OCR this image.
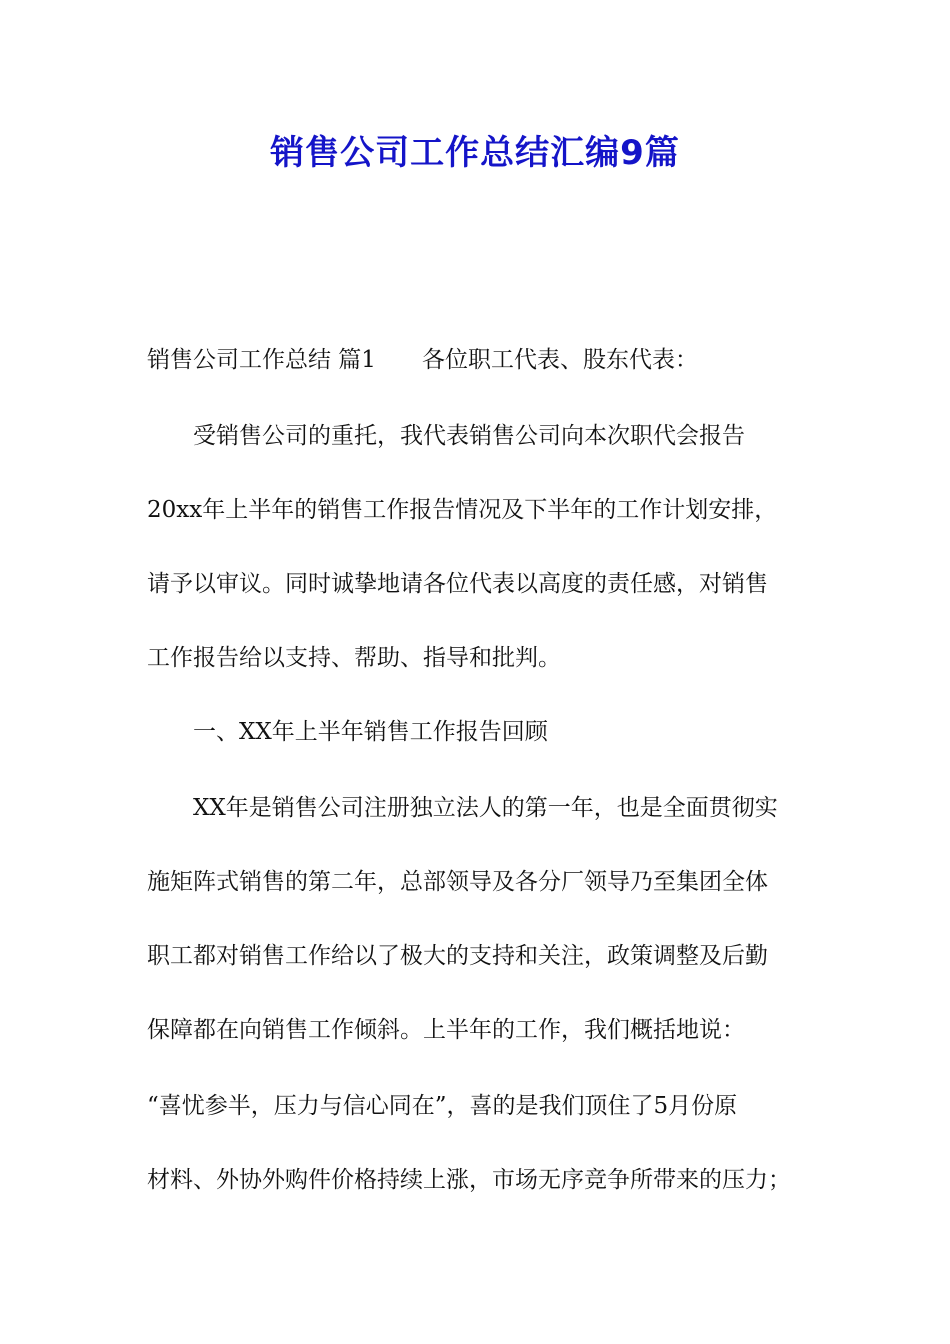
销售公司工作总结汇编9篇

销售公司工作总结 篇1 各位职工代表、股东代表：

受销售公司的重托，我代表销售公司向本次职代会报告

20xx年上半年的销售工作报告情况及下半年的工作计划安排，

请予以审议。同时诚挚地请各位代表以高度的责任感，对销售

工作报告给以支持、帮助、指导和批判。

一、XX年上半年销售工作报告回顾

XX年是销售公司注册独立法人的第一年，也是全面贯彻实

施矩阵式销售的第二年，总部领导及各分厂领导乃至集团全体

职工都对销售工作给以了极大的支持和关注，政策调整及后勤

保障都在向销售工作倾斜。上半年的工作，我们概括地说：

“喜忧参半，压力与信心同在”，喜的是我们顶住了5月份原

材料、外协外购件价格持续上涨，市场无序竞争所带来的压力；
